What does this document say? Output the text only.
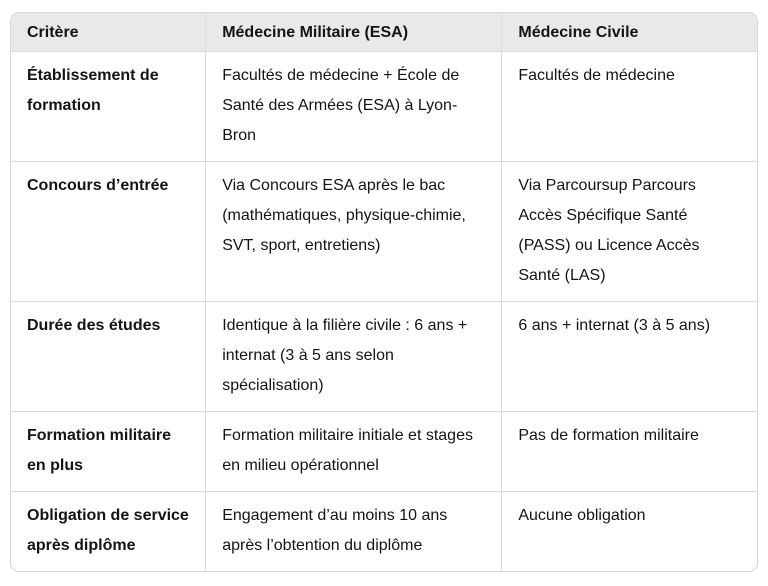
Critère	Médecine Militaire (ESA)	Médecine Civile
Établissement de formation	Facultés de médecine + École de Santé des Armées (ESA) à Lyon-Bron	Facultés de médecine
Concours d’entrée	Via Concours ESA après le bac (mathématiques, physique-chimie, SVT, sport, entretiens)	Via Parcoursup Parcours Accès Spécifique Santé (PASS) ou Licence Accès Santé (LAS)
Durée des études	Identique à la filière civile : 6 ans + internat (3 à 5 ans selon spécialisation)	6 ans + internat (3 à 5 ans)
Formation militaire en plus	Formation militaire initiale et stages en milieu opérationnel	Pas de formation militaire
Obligation de service après diplôme	Engagement d’au moins 10 ans après l’obtention du diplôme	Aucune obligation
